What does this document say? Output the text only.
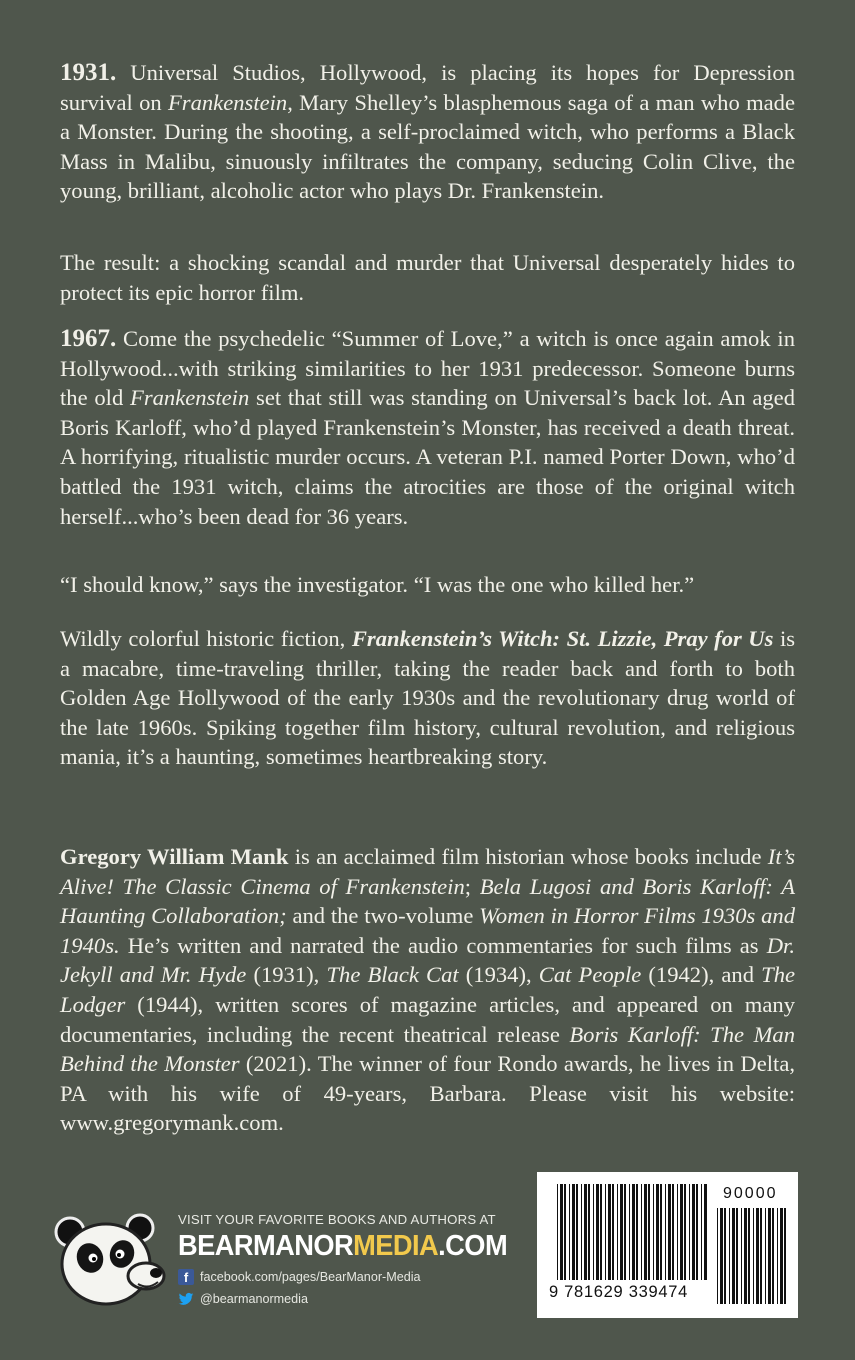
1931. Universal Studios, Hollywood, is placing its hopes for Depression survival on Frankenstein, Mary Shelley’s blasphemous saga of a man who made a Monster. During the shooting, a self-proclaimed witch, who performs a Black Mass in Malibu, sinuously infiltrates the company, seducing Colin Clive, the young, brilliant, alcoholic actor who plays Dr. Frankenstein.

The result: a shocking scandal and murder that Universal desperately hides to protect its epic horror film.

1967. Come the psychedelic “Summer of Love,” a witch is once again amok in Hollywood...with striking similarities to her 1931 predecessor. Someone burns the old Frankenstein set that still was standing on Universal’s back lot. An aged Boris Karloff, who’d played Frankenstein’s Monster, has received a death threat. A horrifying, ritualistic murder occurs. A veteran P.I. named Porter Down, who’d battled the 1931 witch, claims the atrocities are those of the original witch herself...who’s been dead for 36 years.

“I should know,” says the investigator. “I was the one who killed her.”

Wildly colorful historic fiction, Frankenstein’s Witch: St. Lizzie, Pray for Us is a macabre, time-traveling thriller, taking the reader back and forth to both Golden Age Hollywood of the early 1930s and the revolutionary drug world of the late 1960s. Spiking together film history, cultural revolution, and religious mania, it’s a haunting, sometimes heartbreaking story.

Gregory William Mank is an acclaimed film historian whose books include It’s Alive! The Classic Cinema of Frankenstein; Bela Lugosi and Boris Karloff: A Haunting Collaboration; and the two-volume Women in Horror Films 1930s and 1940s. He’s written and narrated the audio commentaries for such films as Dr. Jekyll and Mr. Hyde (1931), The Black Cat (1934), Cat People (1942), and The Lodger (1944), written scores of magazine articles, and appeared on many documentaries, including the recent theatrical release Boris Karloff: The Man Behind the Monster (2021). The winner of four Rondo awards, he lives in Delta, PA with his wife of 49-years, Barbara. Please visit his website: www.gregorymank.com.

VISIT YOUR FAVORITE BOOKS AND AUTHORS AT
BEARMANORMEDIA.COM
f facebook.com/pages/BearManor-Media
@bearmanormedia	9 781629 339474
90000
